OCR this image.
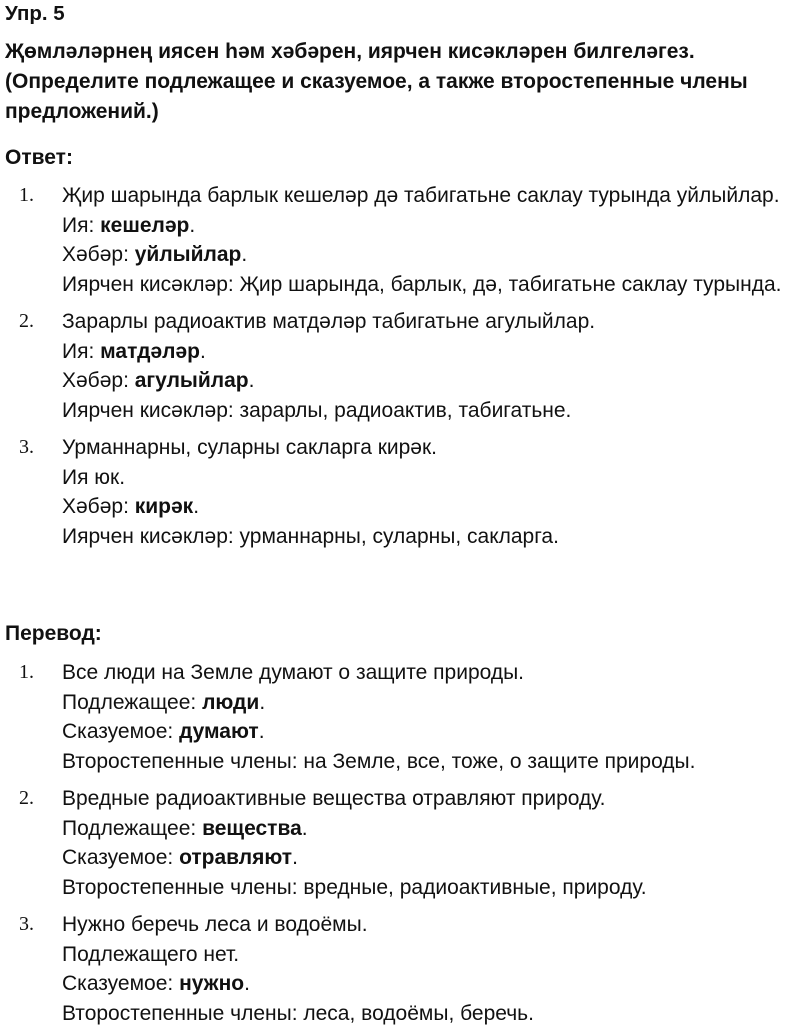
Упр. 5
Җөмләләрнең иясен һәм хәбәрен, иярчен кисәкләрен билгеләгез.
(Определите подлежащее и сказуемое, а также второстепенные члены предложений.)
Ответ:
1. Җир шарында барлык кешеләр дә табигатьне саклау турында уйлыйлар.
Ия: кешеләр.
Хәбәр: уйлыйлар.
Иярчен кисәкләр: Җир шарында, барлык, дә, табигатьне саклау турында.
2. Зарарлы радиоактив матдәләр табигатьне агулыйлар.
Ия: матдәләр.
Хәбәр: агулыйлар.
Иярчен кисәкләр: зарарлы, радиоактив, табигатьне.
3. Урманнарны, суларны сакларга кирәк.
Ия юк.
Хәбәр: кирәк.
Иярчен кисәкләр: урманнарны, суларны, сакларга.
Перевод:
1. Все люди на Земле думают о защите природы.
Подлежащее: люди.
Сказуемое: думают.
Второстепенные члены: на Земле, все, тоже, о защите природы.
2. Вредные радиоактивные вещества отравляют природу.
Подлежащее: вещества.
Сказуемое: отравляют.
Второстепенные члены: вредные, радиоактивные, природу.
3. Нужно беречь леса и водоёмы.
Подлежащего нет.
Сказуемое: нужно.
Второстепенные члены: леса, водоёмы, беречь.
